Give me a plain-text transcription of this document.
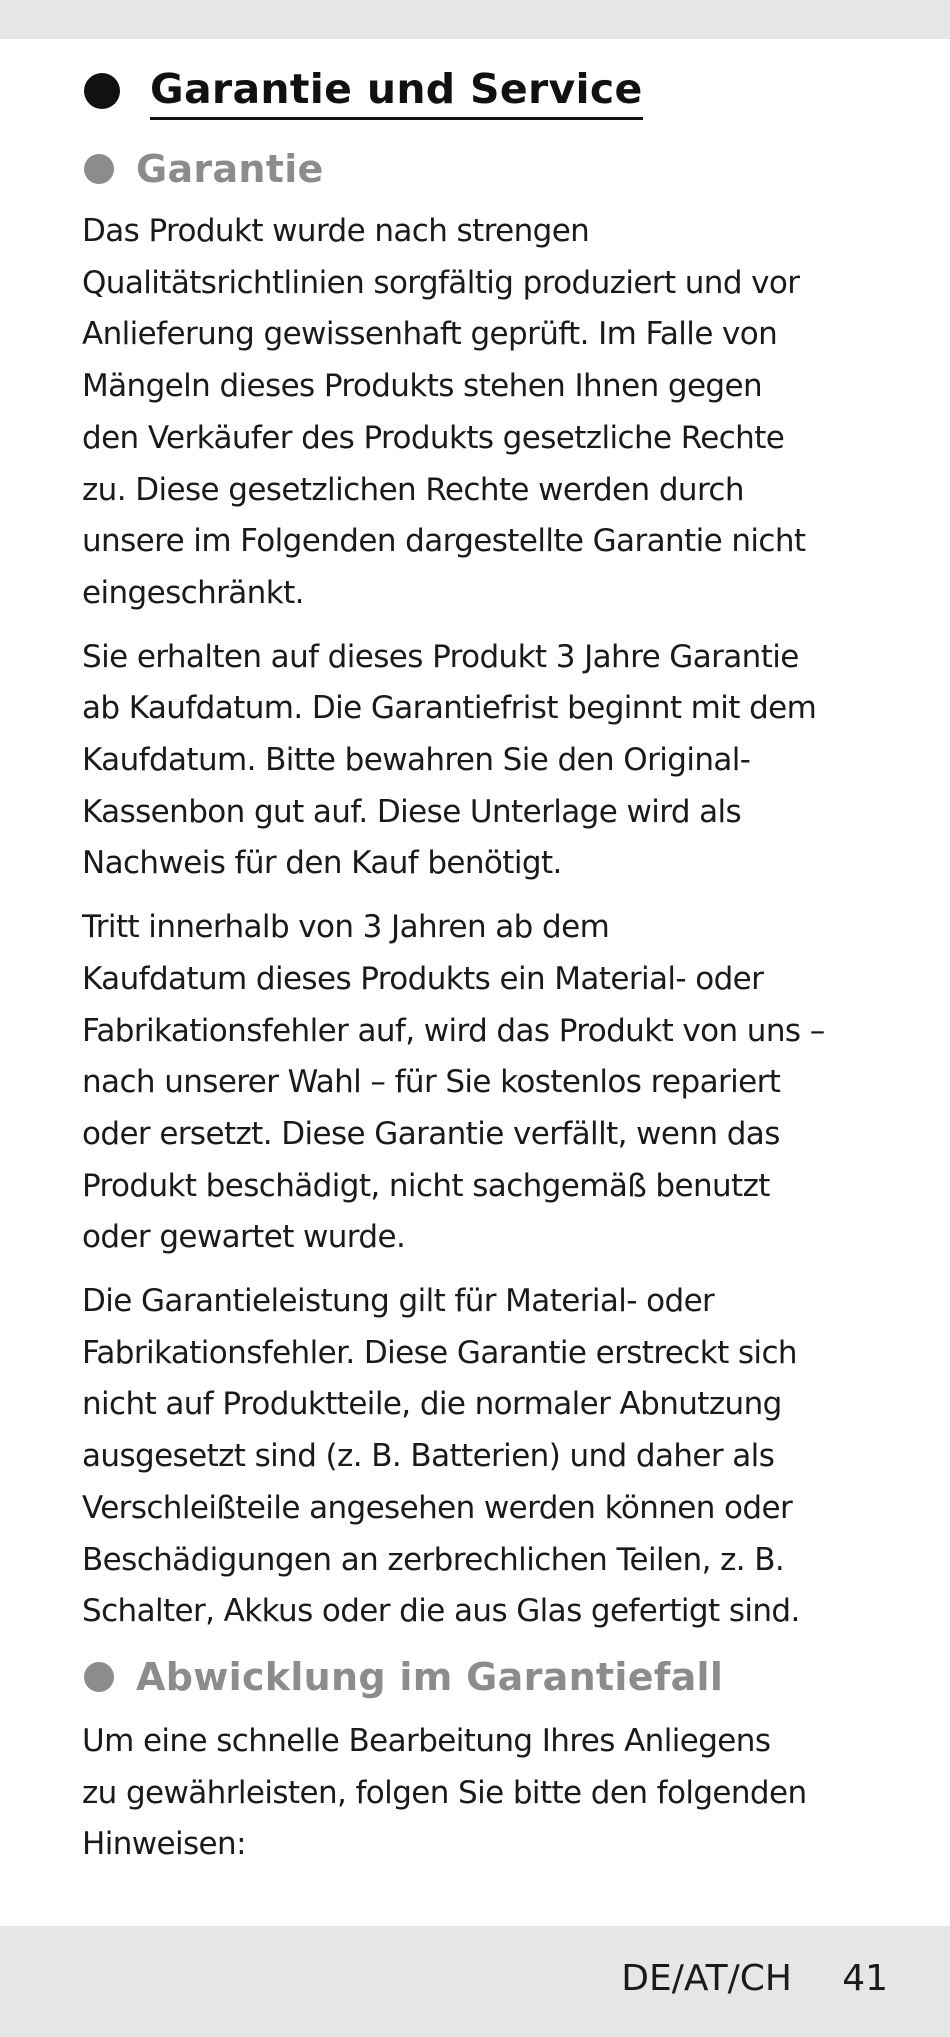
Garantie und Service
Garantie
Das Produkt wurde nach strengen
Qualitätsrichtlinien sorgfältig produziert und vor
Anlieferung gewissenhaft geprüft. Im Falle von
Mängeln dieses Produkts stehen Ihnen gegen
den Verkäufer des Produkts gesetzliche Rechte
zu. Diese gesetzlichen Rechte werden durch
unsere im Folgenden dargestellte Garantie nicht
eingeschränkt.
Sie erhalten auf dieses Produkt 3 Jahre Garantie
ab Kaufdatum. Die Garantiefrist beginnt mit dem
Kaufdatum. Bitte bewahren Sie den Original-
Kassenbon gut auf. Diese Unterlage wird als
Nachweis für den Kauf benötigt.
Tritt innerhalb von 3 Jahren ab dem
Kaufdatum dieses Produkts ein Material- oder
Fabrikationsfehler auf, wird das Produkt von uns –
nach unserer Wahl – für Sie kostenlos repariert
oder ersetzt. Diese Garantie verfällt, wenn das
Produkt beschädigt, nicht sachgemäß benutzt
oder gewartet wurde.
Die Garantieleistung gilt für Material- oder
Fabrikationsfehler. Diese Garantie erstreckt sich
nicht auf Produktteile, die normaler Abnutzung
ausgesetzt sind (z. B. Batterien) und daher als
Verschleißteile angesehen werden können oder
Beschädigungen an zerbrechlichen Teilen, z. B.
Schalter, Akkus oder die aus Glas gefertigt sind.
Abwicklung im Garantiefall
Um eine schnelle Bearbeitung Ihres Anliegens
zu gewährleisten, folgen Sie bitte den folgenden
Hinweisen:
DE/AT/CH 41
